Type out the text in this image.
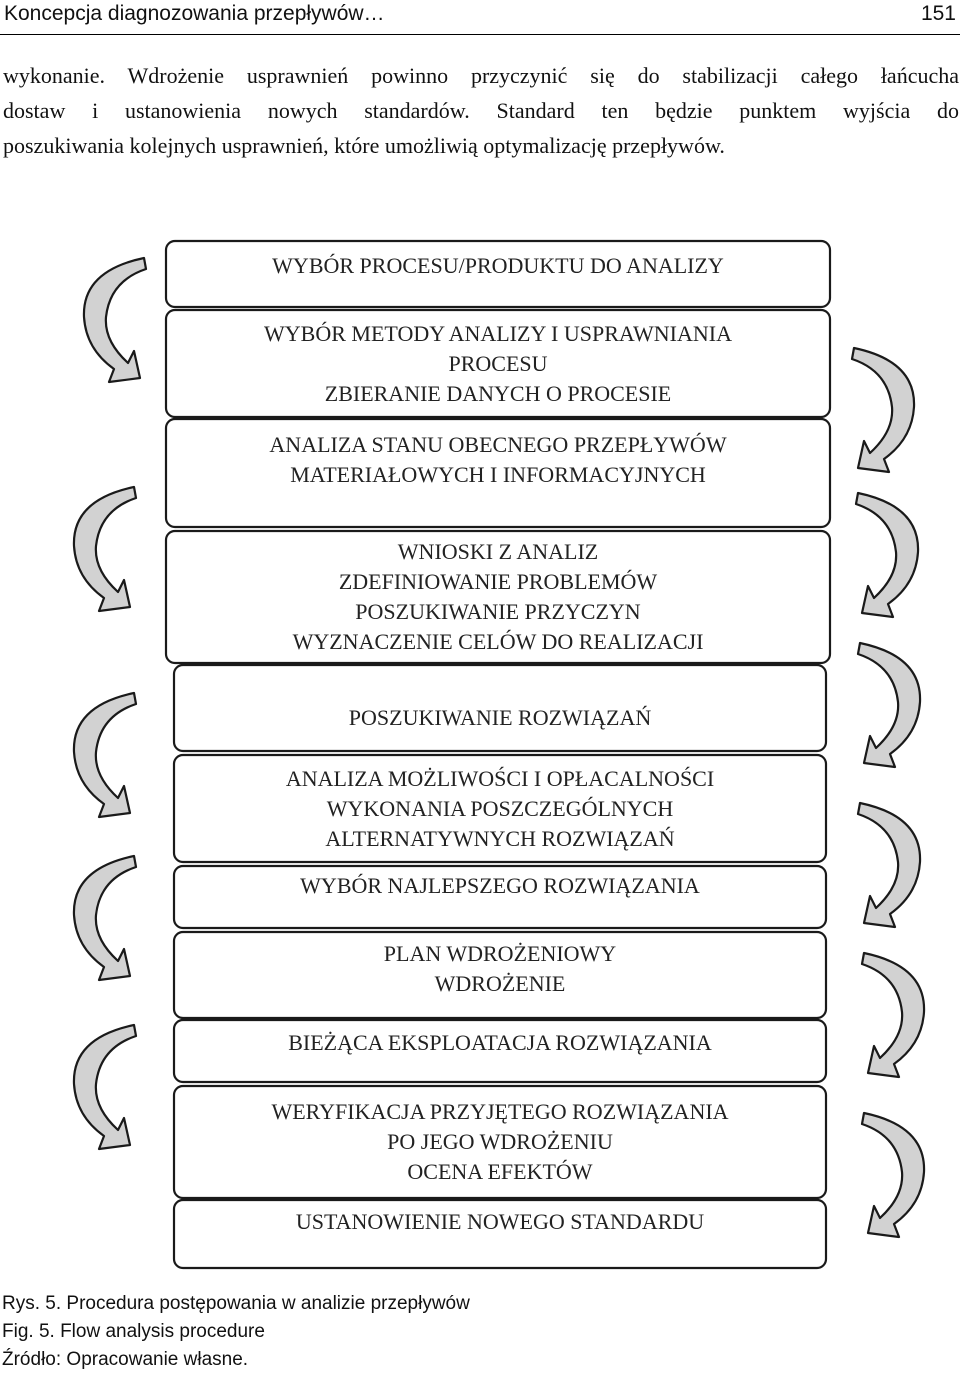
Koncepcja diagnozowania przepływów…	151

wykonanie. Wdrożenie usprawnień powinno przyczynić się do stabilizacji całego łańcucha
dostaw i ustanowienia nowych standardów. Standard ten będzie punktem wyjścia do
poszukiwania kolejnych usprawnień, które umożliwią optymalizację przepływów.

WYBÓR PROCESU/PRODUKTU DO ANALIZY
WYBÓR METODY ANALIZY I USPRAWNIANIA
PROCESU
ZBIERANIE DANYCH O PROCESIE
ANALIZA STANU OBECNEGO PRZEPŁYWÓW
MATERIAŁOWYCH I INFORMACYJNYCH
WNIOSKI Z ANALIZ
ZDEFINIOWANIE PROBLEMÓW
POSZUKIWANIE PRZYCZYN
WYZNACZENIE CELÓW DO REALIZACJI
POSZUKIWANIE ROZWIĄZAŃ
ANALIZA MOŻLIWOŚCI I OPŁACALNOŚCI
WYKONANIA POSZCZEGÓLNYCH
ALTERNATYWNYCH ROZWIĄZAŃ
WYBÓR NAJLEPSZEGO ROZWIĄZANIA
PLAN WDROŻENIOWY
WDROŻENIE
BIEŻĄCA EKSPLOATACJA ROZWIĄZANIA
WERYFIKACJA PRZYJĘTEGO ROZWIĄZANIA
PO JEGO WDROŻENIU
OCENA EFEKTÓW
USTANOWIENIE NOWEGO STANDARDU
Rys. 5. Procedura postępowania w analizie przepływów
Fig. 5. Flow analysis procedure
Źródło: Opracowanie własne.
